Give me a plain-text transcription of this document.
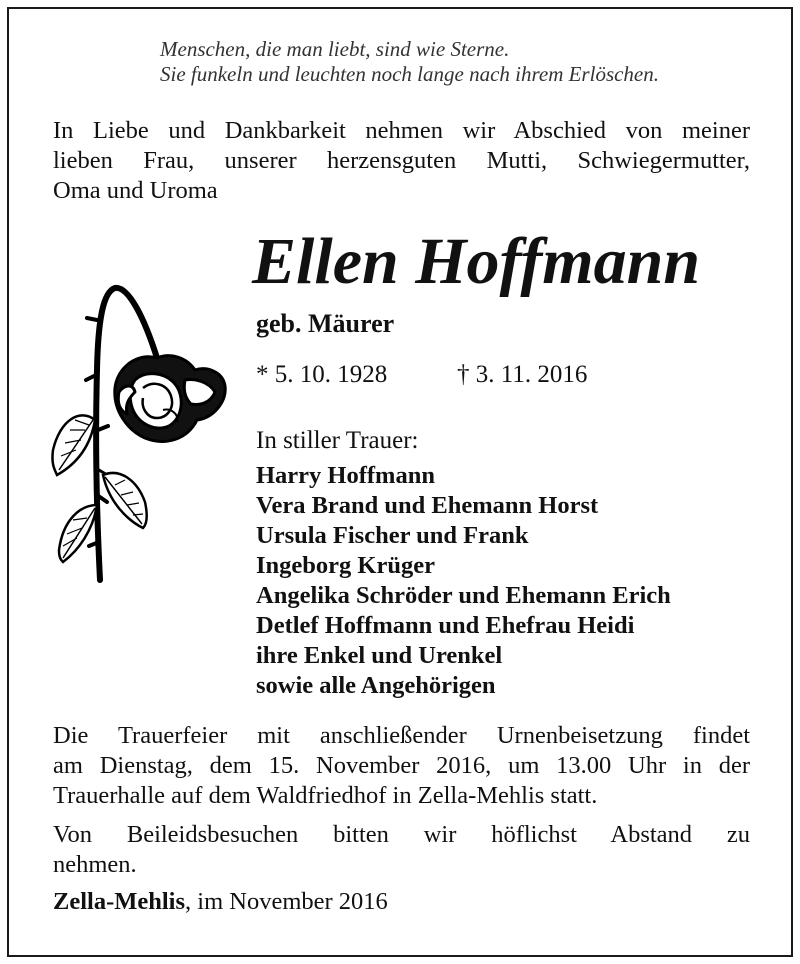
Menschen, die man liebt, sind wie Sterne.
Sie funkeln und leuchten noch lange nach ihrem Erlöschen.
In Liebe und Dankbarkeit nehmen wir Abschied von meiner
lieben Frau, unserer herzensguten Mutti, Schwiegermutter,
Oma und Uroma
Ellen Hoffmann
geb. Mäurer
* 5. 10. 1928	† 3. 11. 2016
In stiller Trauer:
Harry Hoffmann
Vera Brand und Ehemann Horst
Ursula Fischer und Frank
Ingeborg Krüger
Angelika Schröder und Ehemann Erich
Detlef Hoffmann und Ehefrau Heidi
ihre Enkel und Urenkel
sowie alle Angehörigen
Die Trauerfeier mit anschließender Urnenbeisetzung findet
am Dienstag, dem 15. November 2016, um 13.00 Uhr in der
Trauerhalle auf dem Waldfriedhof in Zella-Mehlis statt.
Von Beileidsbesuchen bitten wir höflichst Abstand zu
nehmen.
Zella-Mehlis, im November 2016
